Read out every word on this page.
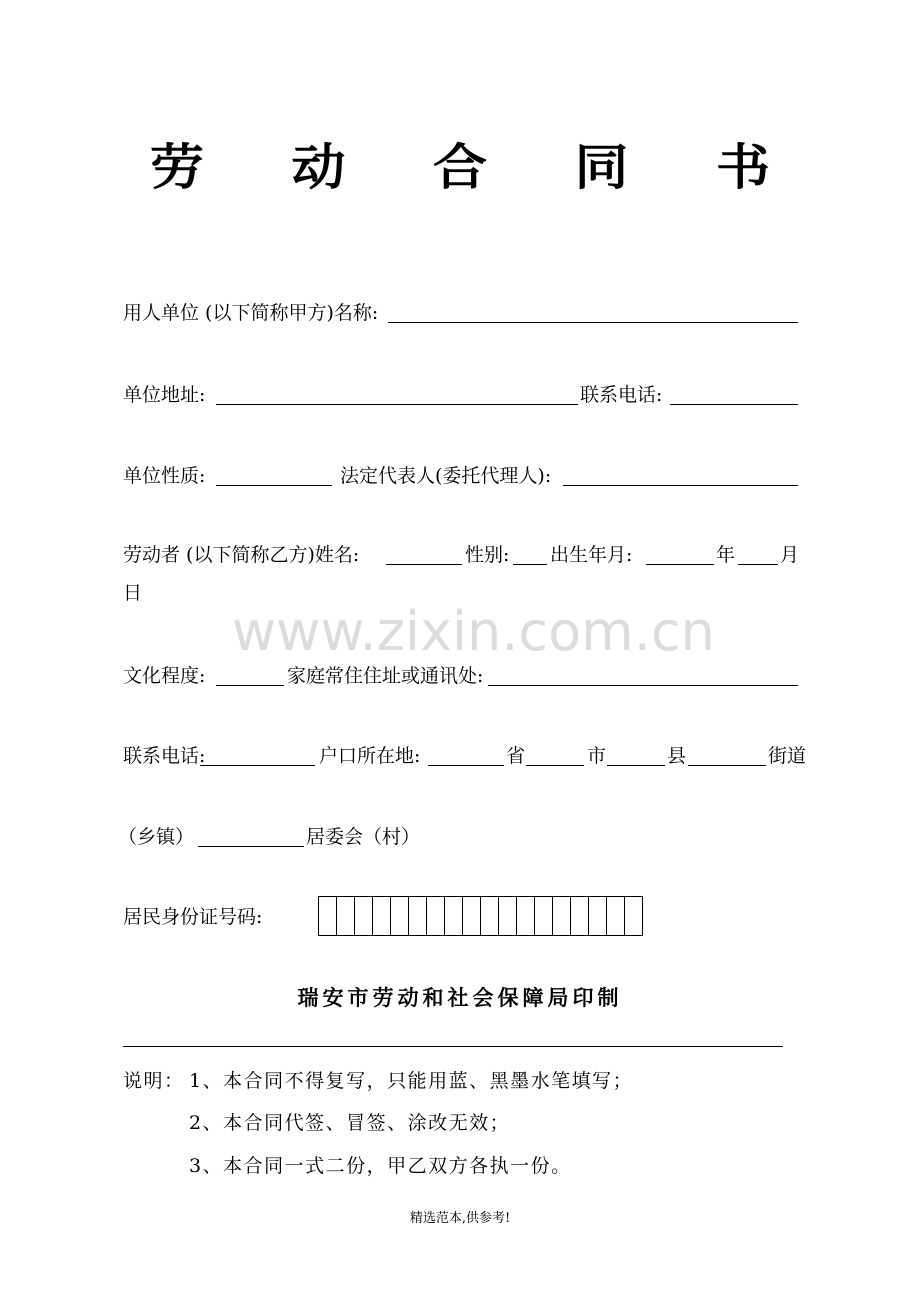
劳 动 合 同 书
用人单位 (以下简称甲方)名称:
单位地址:	联系电话:
单位性质:	法定代表人(委托代理人):
劳动者 (以下简称乙方)姓名:	性别: 出生年月:	年 月
日
www.zixin.com.cn
文化程度:	家庭常住住址或通讯处:
联系电话:	户口所在地:	省	市	县	街道
（乡镇）	居委会（村）
居民身份证号码:
瑞安市劳动和社会保障局印制
说明： 1、本合同不得复写，只能用蓝、黑墨水笔填写；
2、本合同代签、冒签、涂改无效；
3、本合同一式二份，甲乙双方各执一份。
精选范本,供参考!
